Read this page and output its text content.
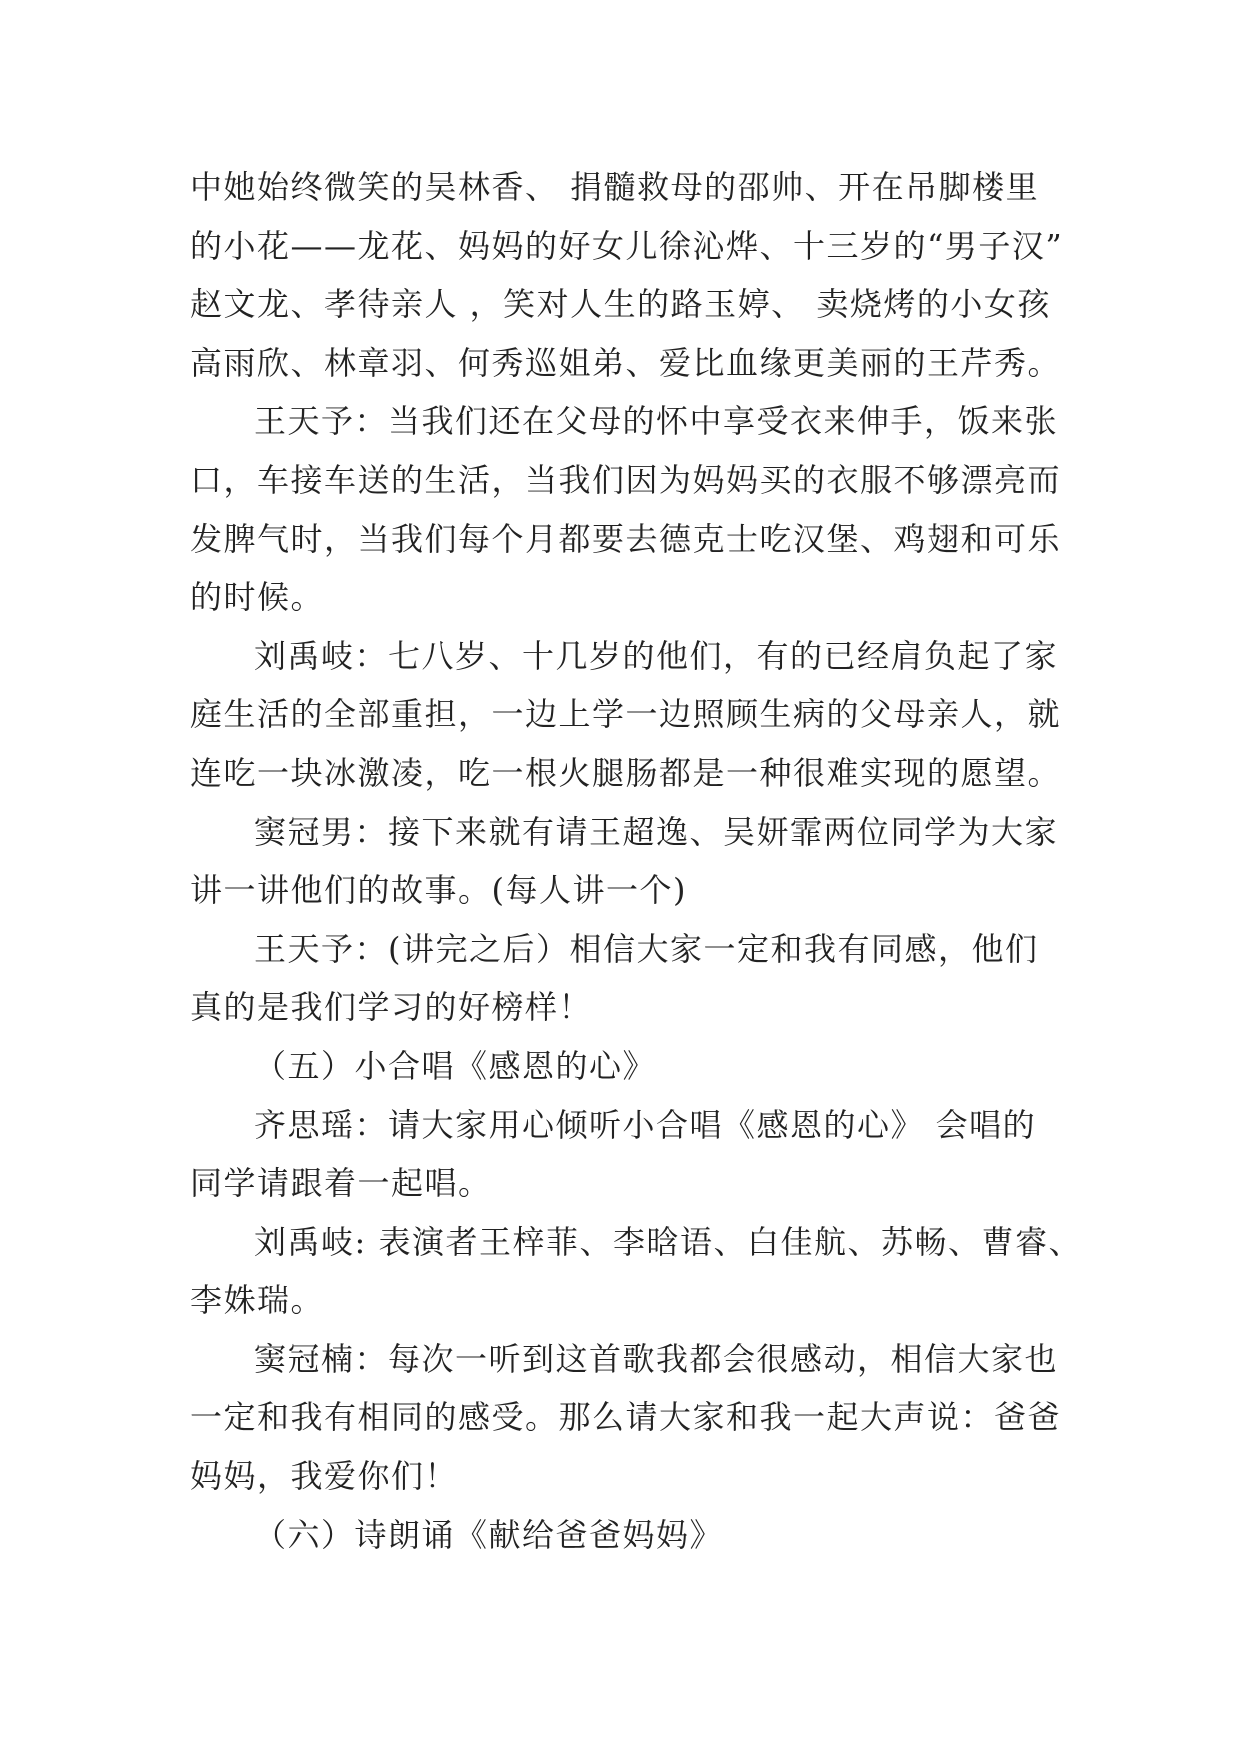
中她始终微笑的吴林香、 捐髓救母的邵帅、开在吊脚楼里
的小花——龙花、妈妈的好女儿徐沁烨、十三岁的“男子汉”
赵文龙、孝待亲人 ，笑对人生的路玉婷、 卖烧烤的小女孩
高雨欣、林章羽、何秀巡姐弟、爱比血缘更美丽的王芹秀。
王天予：当我们还在父母的怀中享受衣来伸手，饭来张
口，车接车送的生活，当我们因为妈妈买的衣服不够漂亮而
发脾气时，当我们每个月都要去德克士吃汉堡、鸡翅和可乐
的时候。
刘禹岐：七八岁、十几岁的他们，有的已经肩负起了家
庭生活的全部重担，一边上学一边照顾生病的父母亲人，就
连吃一块冰激凌，吃一根火腿肠都是一种很难实现的愿望。
窦冠男：接下来就有请王超逸、吴妍霏两位同学为大家
讲一讲他们的故事。(每人讲一个)
王天予：(讲完之后）相信大家一定和我有同感，他们
真的是我们学习的好榜样！
（五）小合唱《感恩的心》
齐思瑶：请大家用心倾听小合唱《感恩的心》 会唱的
同学请跟着一起唱。
刘禹岐: 表演者王梓菲、李晗语、白佳航、苏畅、曹睿、
李姝瑞。
窦冠楠：每次一听到这首歌我都会很感动，相信大家也
一定和我有相同的感受。那么请大家和我一起大声说：爸爸
妈妈，我爱你们！
（六）诗朗诵《献给爸爸妈妈》
